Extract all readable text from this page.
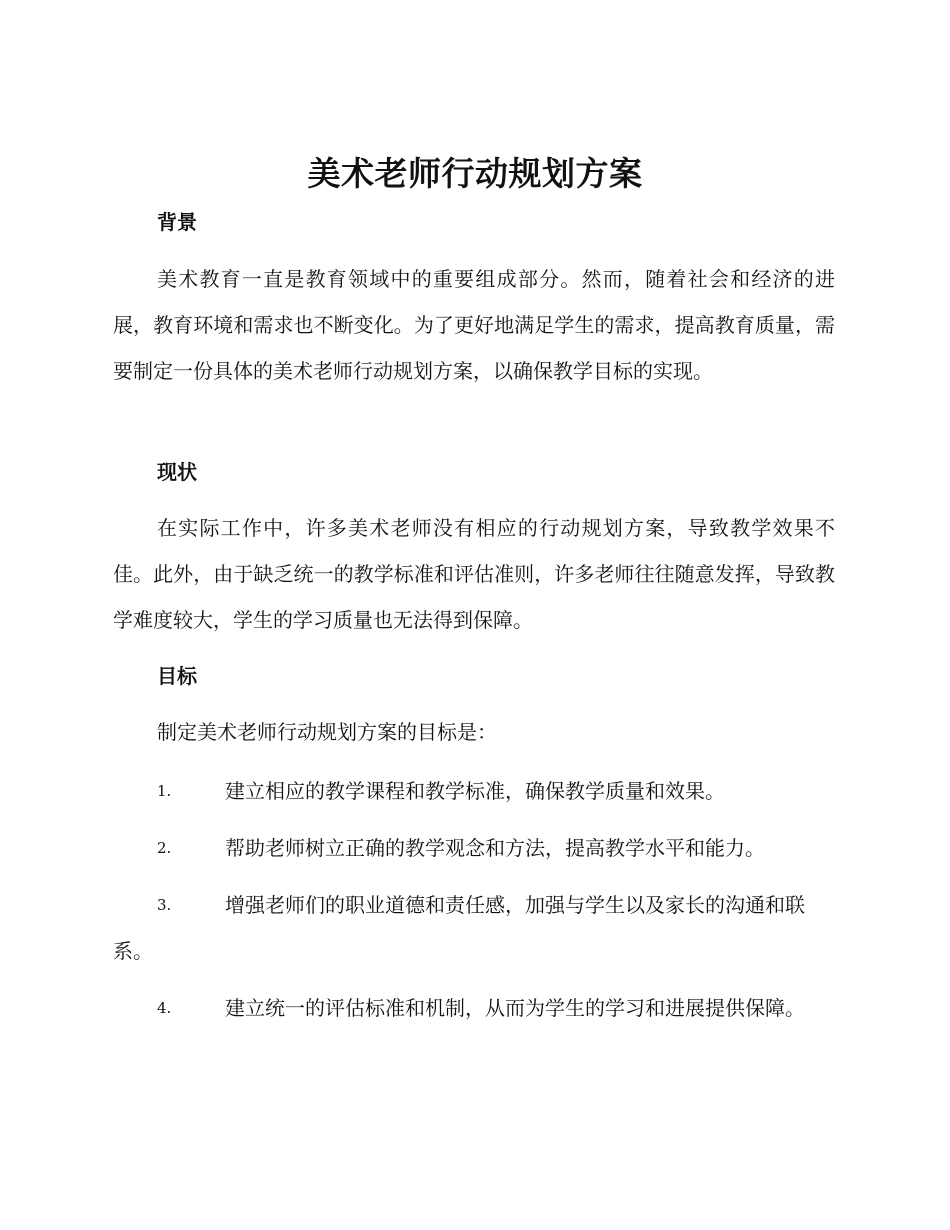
美术老师行动规划方案
背景

美术教育一直是教育领域中的重要组成部分。然而，随着社会和经济的进展，教育环境和需求也不断变化。为了更好地满足学生的需求，提高教育质量，需要制定一份具体的美术老师行动规划方案，以确保教学目标的实现。

现状

在实际工作中，许多美术老师没有相应的行动规划方案，导致教学效果不佳。此外，由于缺乏统一的教学标准和评估准则，许多老师往往随意发挥，导致教学难度较大，学生的学习质量也无法得到保障。

目标
制定美术老师行动规划方案的目标是：
1.	建立相应的教学课程和教学标准，确保教学质量和效果。
2.	帮助老师树立正确的教学观念和方法，提高教学水平和能力。
3.	增强老师们的职业道德和责任感，加强与学生以及家长的沟通和联系。
4.	建立统一的评估标准和机制，从而为学生的学习和进展提供保障。
